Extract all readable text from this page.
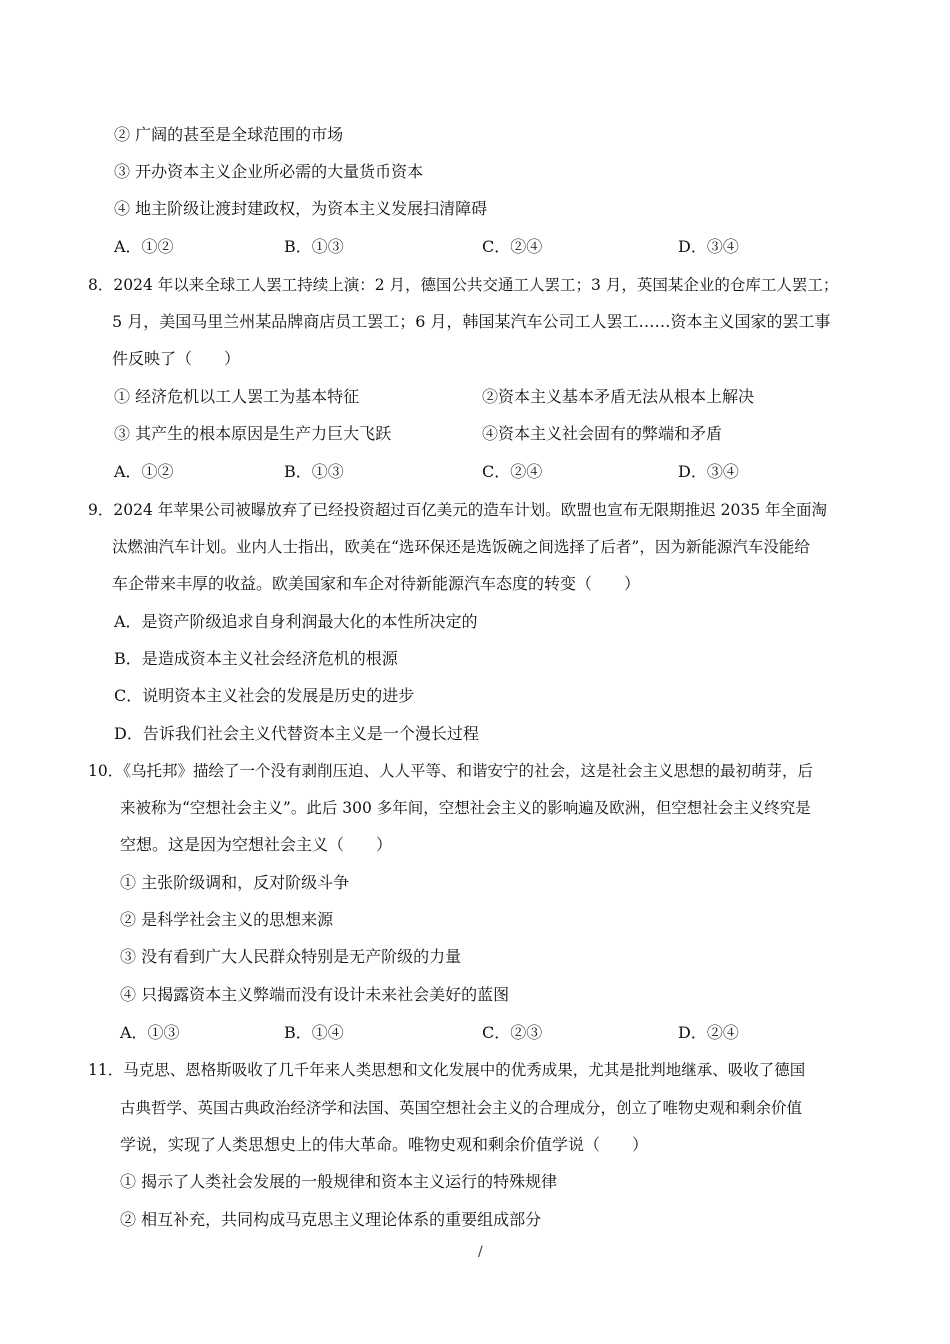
② 广阔的甚至是全球范围的市场
③ 开办资本主义企业所必需的大量货币资本
④ 地主阶级让渡封建政权，为资本主义发展扫清障碍
A．①②	B．①③	C．②④	D．③④
8．2024 年以来全球工人罢工持续上演：2 月，德国公共交通工人罢工；3 月，英国某企业的仓库工人罢工；
5 月，美国马里兰州某品牌商店员工罢工；6 月，韩国某汽车公司工人罢工……资本主义国家的罢工事
件反映了（　　）
① 经济危机以工人罢工为基本特征	②资本主义基本矛盾无法从根本上解决
③ 其产生的根本原因是生产力巨大飞跃	④资本主义社会固有的弊端和矛盾
A．①②	B．①③	C．②④	D．③④
9．2024 年苹果公司被曝放弃了已经投资超过百亿美元的造车计划。欧盟也宣布无限期推迟 2035 年全面淘
汰燃油汽车计划。业内人士指出，欧美在“选环保还是选饭碗之间选择了后者”，因为新能源汽车没能给
车企带来丰厚的收益。欧美国家和车企对待新能源汽车态度的转变（　　）
A．是资产阶级追求自身利润最大化的本性所决定的
B．是造成资本主义社会经济危机的根源
C．说明资本主义社会的发展是历史的进步
D．告诉我们社会主义代替资本主义是一个漫长过程
10．《乌托邦》描绘了一个没有剥削压迫、人人平等、和谐安宁的社会，这是社会主义思想的最初萌芽，后
来被称为“空想社会主义”。此后 300 多年间，空想社会主义的影响遍及欧洲，但空想社会主义终究是
空想。这是因为空想社会主义（　　）
① 主张阶级调和，反对阶级斗争
② 是科学社会主义的思想来源
③ 没有看到广大人民群众特别是无产阶级的力量
④ 只揭露资本主义弊端而没有设计未来社会美好的蓝图
A．①③	B．①④	C．②③	D．②④
11．马克思、恩格斯吸收了几千年来人类思想和文化发展中的优秀成果，尤其是批判地继承、吸收了德国
古典哲学、英国古典政治经济学和法国、英国空想社会主义的合理成分，创立了唯物史观和剩余价值
学说，实现了人类思想史上的伟大革命。唯物史观和剩余价值学说（　　）
① 揭示了人类社会发展的一般规律和资本主义运行的特殊规律
② 相互补充，共同构成马克思主义理论体系的重要组成部分
/
